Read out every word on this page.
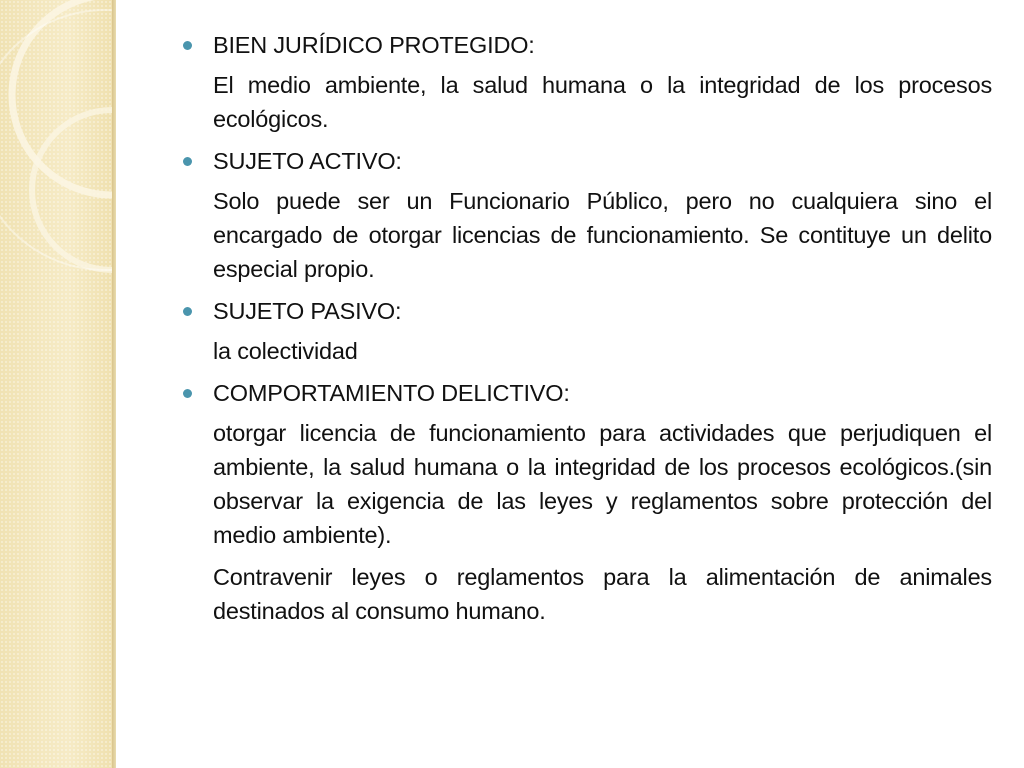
BIEN JURÍDICO PROTEGIDO:

El medio ambiente, la salud humana o la integridad de los procesos ecológicos.

SUJETO ACTIVO:

Solo puede ser un Funcionario Público, pero no cualquiera sino el encargado de otorgar licencias de funcionamiento. Se contituye un delito especial propio.

SUJETO PASIVO:

la colectividad

COMPORTAMIENTO DELICTIVO:

otorgar licencia de funcionamiento para actividades que perjudiquen el ambiente, la salud humana o la integridad de los procesos ecológicos.(sin observar la exigencia de las leyes y reglamentos sobre protección del medio ambiente).

Contravenir leyes o reglamentos para la alimentación de animales destinados al consumo humano.
